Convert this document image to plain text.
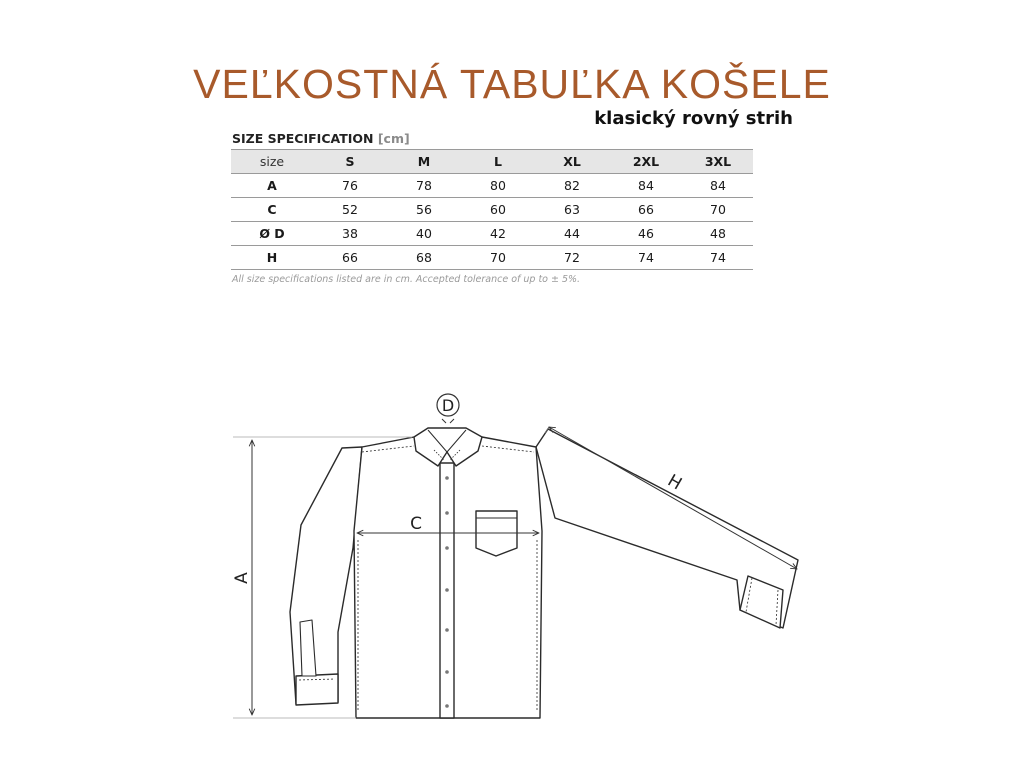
VEĽKOSTNÁ TABUĽKA KOŠELE
klasický rovný strih
SIZE SPECIFICATION [cm]
size	S	M	L	XL	2XL	3XL
A	76	78	80	82	84	84
C	52	56	60	63	66	70
Ø D	38	40	42	44	46	48
H	66	68	70	72	74	74
All size specifications listed are in cm. Accepted tolerance of up to ± 5%.
A
C
D
H
